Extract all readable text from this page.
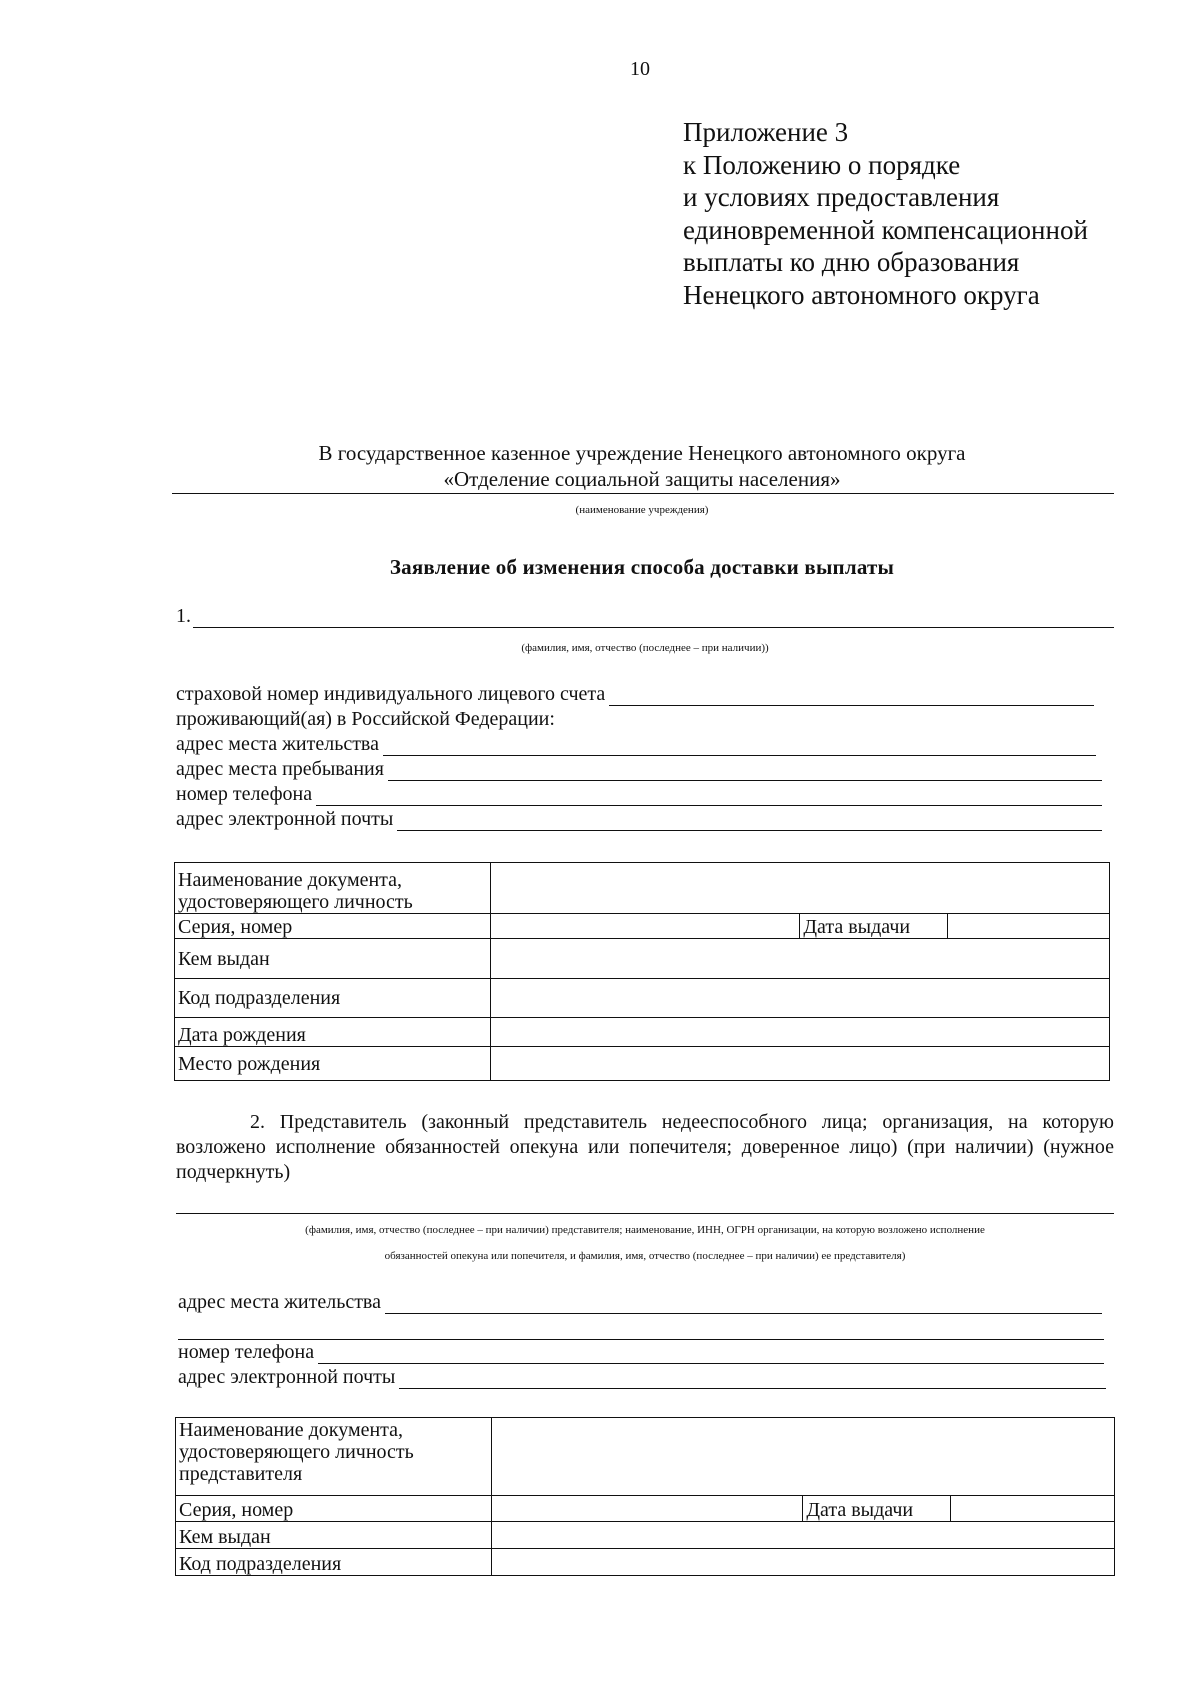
10
Приложение 3
к Положению о порядке
и условиях предоставления
единовременной компенсационной
выплаты ко дню образования
Ненецкого автономного округа
В государственное казенное учреждение Ненецкого автономного округа
«Отделение социальной защиты населения»
(наименование учреждения)
Заявление об изменения способа доставки выплаты
1.
(фамилия, имя, отчество (последнее – при наличии))
страховой номер индивидуального лицевого счета
проживающий(ая) в Российской Федерации:
адрес места жительства
адрес места пребывания
номер телефона
адрес электронной почты
Наименование документа, удостоверяющего личность			
Серия, номер		Дата выдачи	
Кем выдан			
Код подразделения			
Дата рождения			
Место рождения			
2. Представитель (законный представитель недееспособного лица; организация, на которую возложено исполнение обязанностей опекуна или попечителя; доверенное лицо) (при наличии) (нужное подчеркнуть)
(фамилия, имя, отчество (последнее – при наличии) представителя; наименование, ИНН, ОГРН организации, на которую возложено исполнение
обязанностей опекуна или попечителя, и фамилия, имя, отчество (последнее – при наличии) ее представителя)
адрес места жительства
номер телефона
адрес электронной почты
Наименование документа, удостоверяющего личность представителя			
Серия, номер		Дата выдачи	
Кем выдан			
Код подразделения			
